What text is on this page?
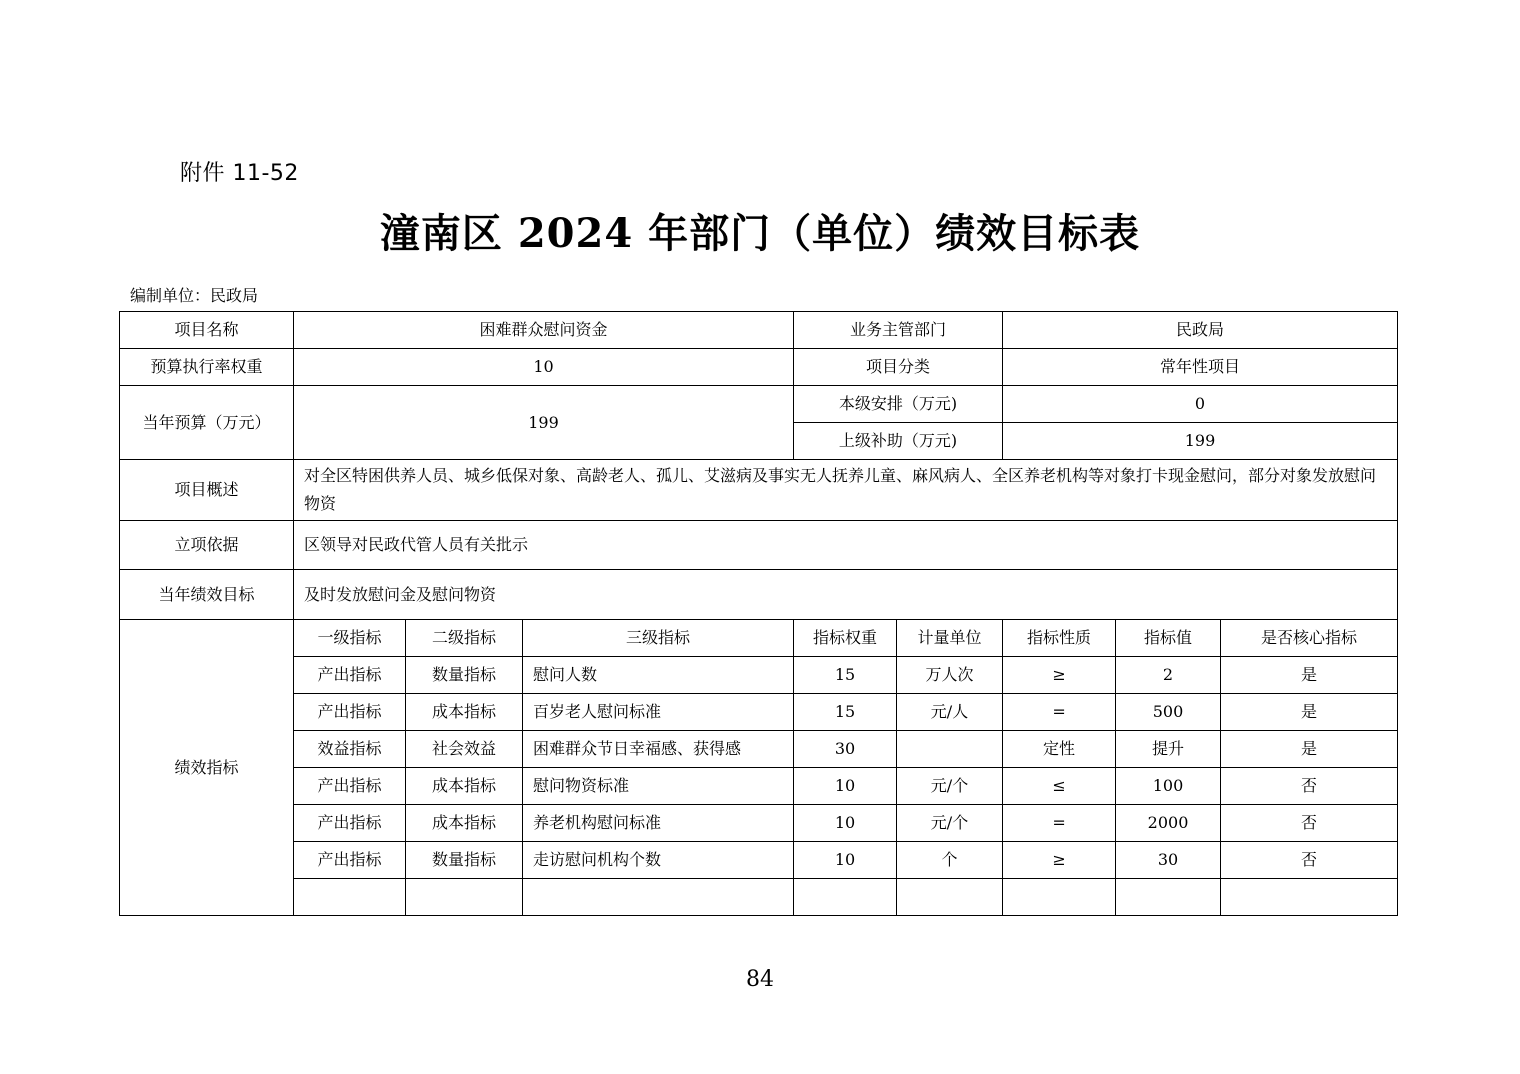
附件 11-52
潼南区 2024 年部门（单位）绩效目标表
编制单位：民政局
项目名称	困难群众慰问资金			业务主管部门		民政局		
预算执行率权重	10			项目分类		常年性项目		
当年预算（万元）	199			本级安排（万元)		0		
				上级补助（万元)		199		
项目概述	对全区特困供养人员、城乡低保对象、高龄老人、孤儿、艾滋病及事实无人抚养儿童、麻风病人、全区养老机构等对象打卡现金慰问，部分对象发放慰问物资							
立项依据	区领导对民政代管人员有关批示							
当年绩效目标	及时发放慰问金及慰问物资							
绩效指标	一级指标	二级指标	三级指标	指标权重	计量单位	指标性质	指标值	是否核心指标
	产出指标	数量指标	慰问人数	15	万人次	≥	2	是
	产出指标	成本指标	百岁老人慰问标准	15	元/人	=	500	是
	效益指标	社会效益	困难群众节日幸福感、获得感	30		定性	提升	是
	产出指标	成本指标	慰问物资标准	10	元/个	≤	100	否
	产出指标	成本指标	养老机构慰问标准	10	元/个	=	2000	否
	产出指标	数量指标	走访慰问机构个数	10	个	≥	30	否

84
